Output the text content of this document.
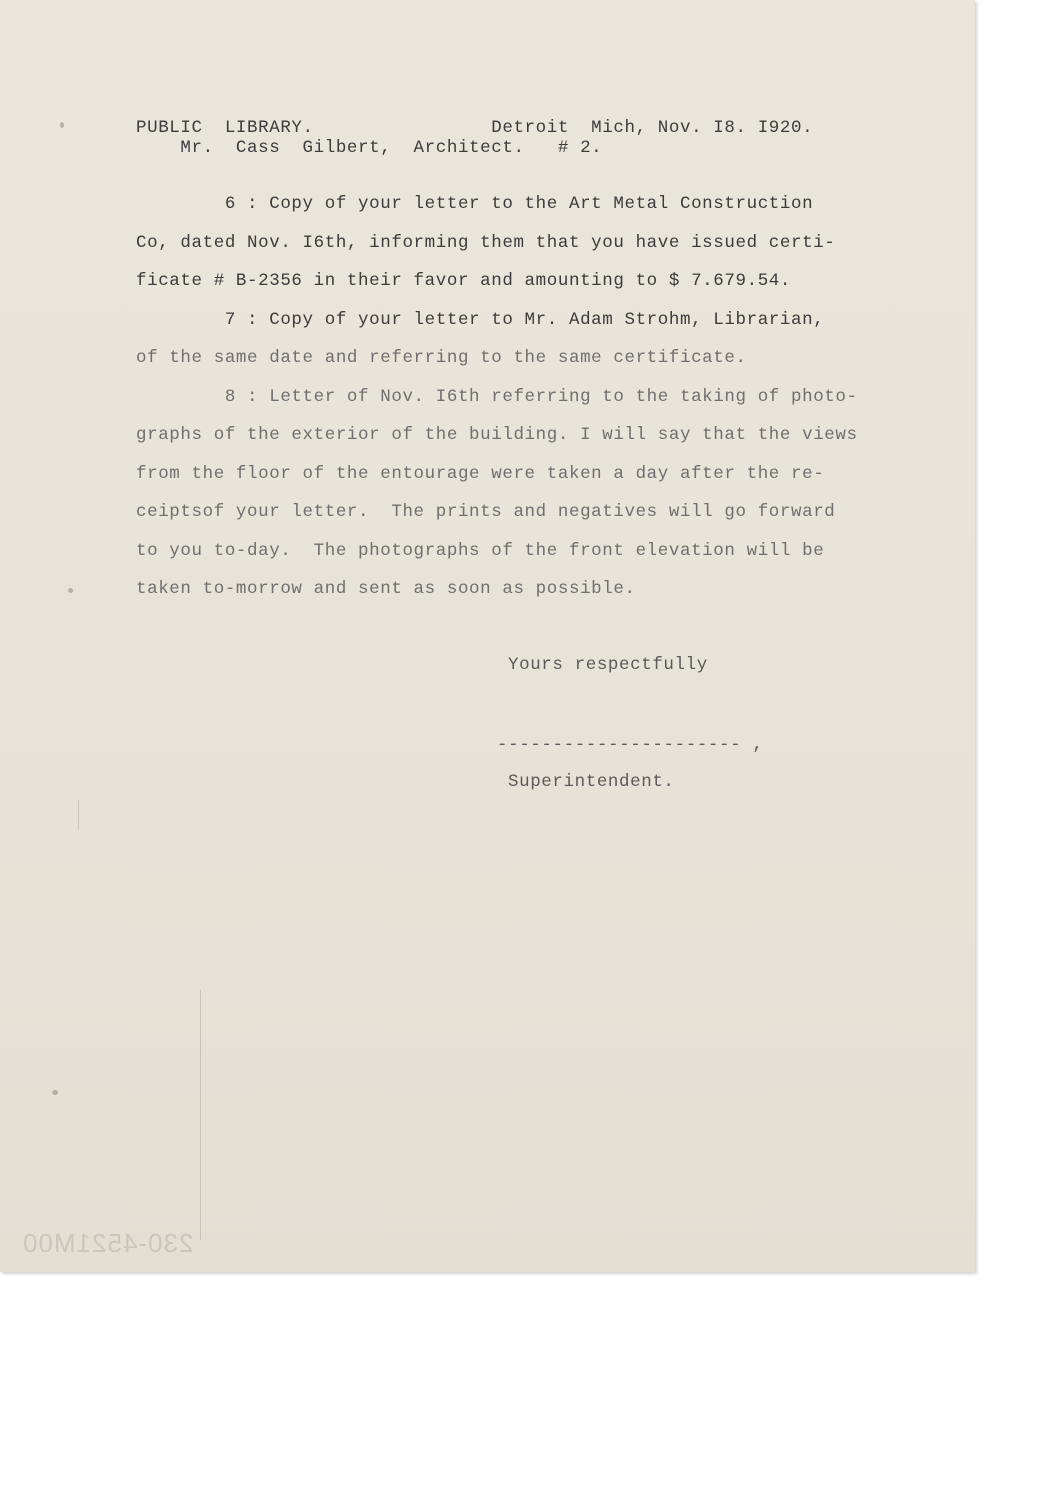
PUBLIC  LIBRARY.                Detroit  Mich, Nov. I8. I920.
Mr.  Cass  Gilbert,  Architect.   # 2.
6 : Copy of your letter to the Art Metal Construction
Co, dated Nov. I6th, informing them that you have issued certi-
ficate # B-2356 in their favor and amounting to $ 7.679.54.
7 : Copy of your letter to Mr. Adam Strohm, Librarian,
of the same date and referring to the same certificate.
8 : Letter of Nov. I6th referring to the taking of photo-
graphs of the exterior of the building. I will say that the views
from the floor of the entourage were taken a day after the re-
ceiptsof your letter.  The prints and negatives will go forward
to you to-day.  The photographs of the front elevation will be
taken to-morrow and sent as soon as possible.
Yours respectfully
---------------------- ,
Superintendent.
230-4521M00
